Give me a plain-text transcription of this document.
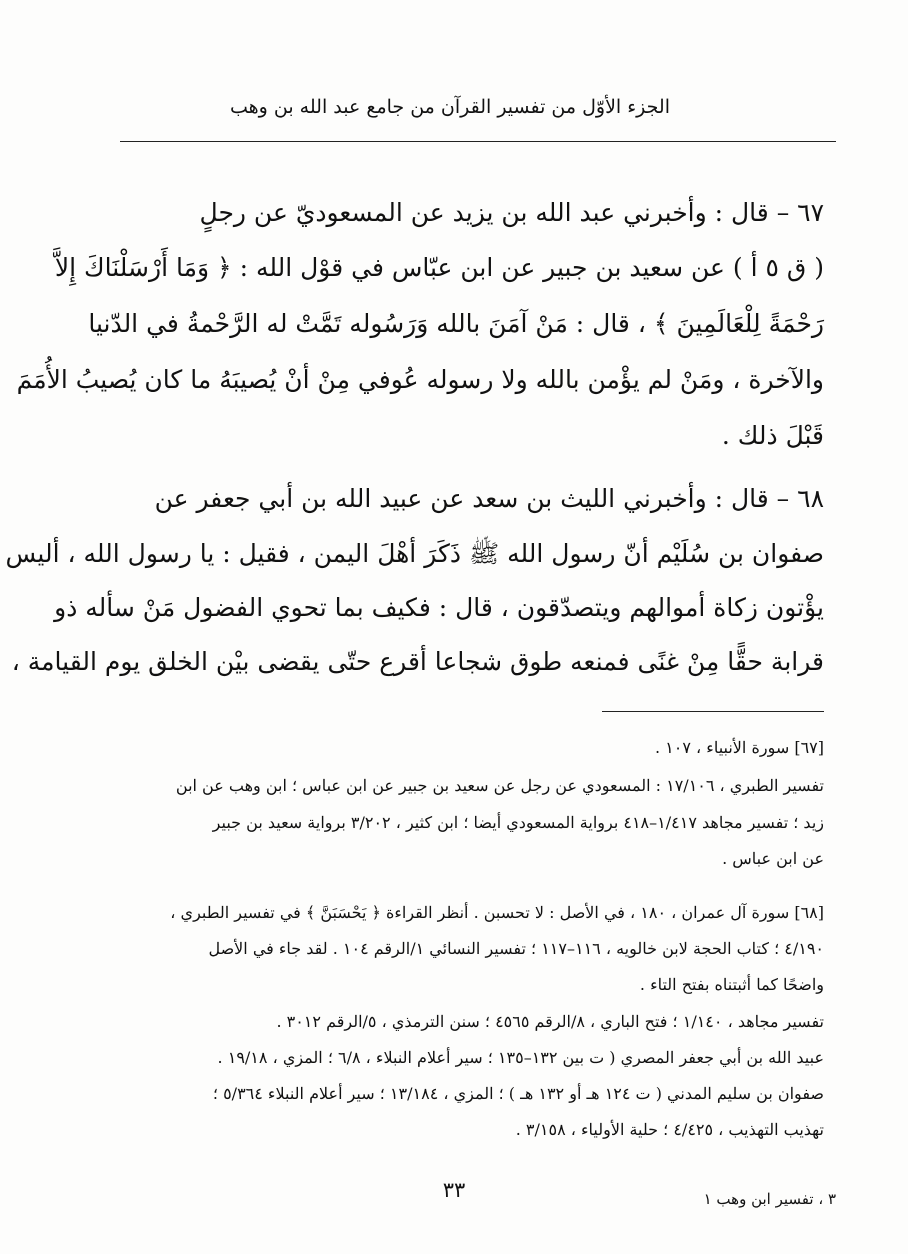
الجزء الأوّل من تفسير القرآن من جامع عبد الله بن وهب
٦٧ – قال : وأخبرني عبد الله بن يزيد عن المسعوديّ عن رجلٍ
( ق ٥ أ ) عن سعيد بن جبير عن ابن عبّاس في قوْل الله : ﴿ وَمَا أَرْسَلْنَاكَ إِلاَّ
رَحْمَةً لِلْعَالَمِينَ ﴾ ، قال : مَنْ آمَنَ بالله وَرَسُوله تَمَّتْ له الرَّحْمةُ في الدّنيا
والآخرة ، ومَنْ لم يؤْمن بالله ولا رسوله عُوفي مِنْ أنْ يُصيبَهُ ما كان يُصيبُ الأُمَمَ
قَبْلَ ذلك .
٦٨ – قال : وأخبرني الليث بن سعد عن عبيد الله بن أبي جعفر عن
صفوان بن سُلَيْم أنّ رسول الله ﷺ ذَكَرَ أهْلَ اليمن ، فقيل : يا رسول الله ، أليس
يؤْتون زكاة أموالهم ويتصدّقون ، قال : فكيف بما تحوي الفضول مَنْ سأله ذو
قرابة حقًّا مِنْ غنًى فمنعه طوق شجاعا أقرع حتّى يقضى بيْن الخلق يوم القيامة ،
[٦٧] سورة الأنبياء ، ١٠٧ .
تفسير الطبري ، ١٧/١٠٦ : المسعودي عن رجل عن سعيد بن جبير عن ابن عباس ؛ ابن وهب عن ابن
زيد ؛ تفسير مجاهد ١/٤١٧–٤١٨ برواية المسعودي أيضا ؛ ابن كثير ، ٣/٢٠٢ برواية سعيد بن جبير
عن ابن عباس .
[٦٨] سورة آل عمران ، ١٨٠ ، في الأصل : لا تحسبن . أنظر القراءة ﴿ يَحْسَبَنَّ ﴾ في تفسير الطبري ،
٤/١٩٠ ؛ كتاب الحجة لابن خالويه ، ١١٦–١١٧ ؛ تفسير النسائي ١/الرقم ١٠٤ . لقد جاء في الأصل
واضحًا كما أثبتناه بفتح التاء .
تفسير مجاهد ، ١/١٤٠ ؛ فتح الباري ، ٨/الرقم ٤٥٦٥ ؛ سنن الترمذي ، ٥/الرقم ٣٠١٢ .
عبيد الله بن أبي جعفر المصري ( ت بين ١٣٢–١٣٥ ؛ سير أعلام النبلاء ، ٦/٨ ؛ المزي ، ١٩/١٨ .
صفوان بن سليم المدني ( ت ١٢٤ هـ أو ١٣٢ هـ ) ؛ المزي ، ١٣/١٨٤ ؛ سير أعلام النبلاء ٥/٣٦٤ ؛
تهذيب التهذيب ، ٤/٤٢٥ ؛ حلية الأولياء ، ٣/١٥٨ .
٣٣	٣ ، تفسير ابن وهب ١
